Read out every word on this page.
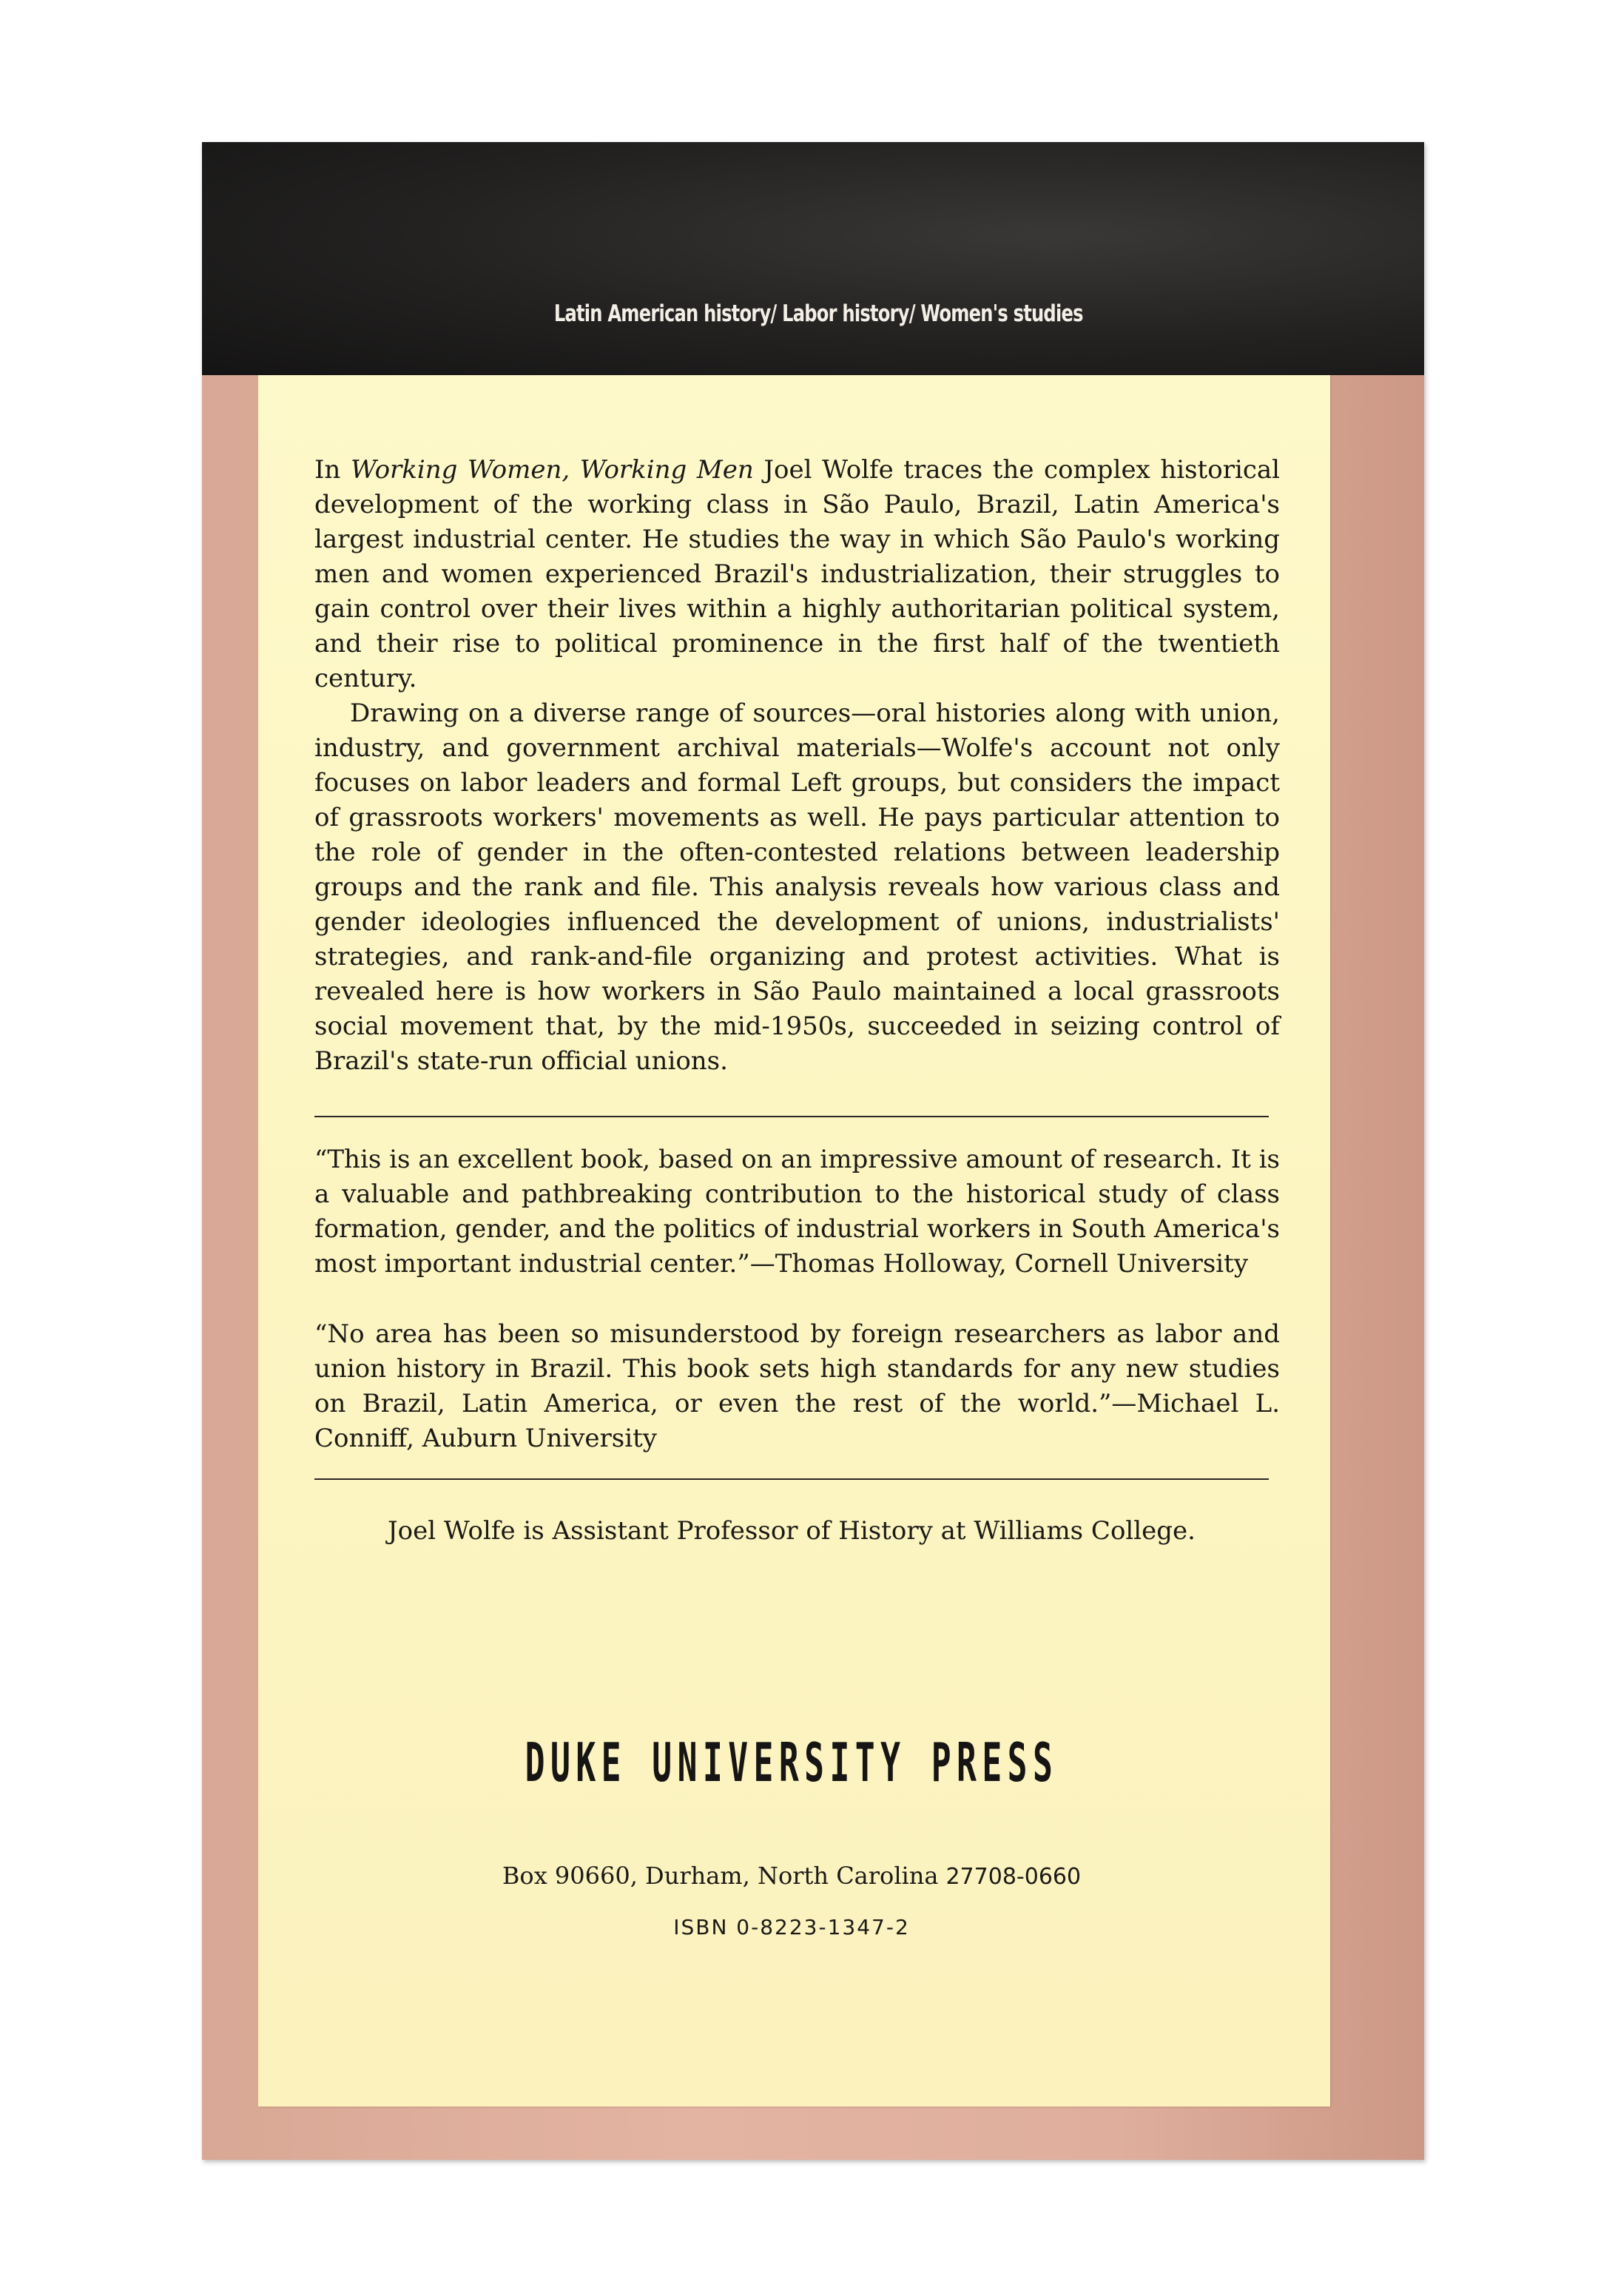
Latin American history/ Labor history/ Women's studies

In Working Women, Working Men Joel Wolfe traces the complex historical development of the working class in São Paulo, Brazil, Latin America's largest industrial center. He studies the way in which São Paulo's working men and women experienced Brazil's industrialization, their struggles to gain control over their lives within a highly authoritarian political system, and their rise to political prominence in the first half of the twentieth century.

Drawing on a diverse range of sources—oral histories along with union, industry, and government archival materials—Wolfe's account not only focuses on labor leaders and formal Left groups, but considers the impact of grassroots workers' movements as well. He pays particular attention to the role of gender in the often-contested relations between leadership groups and the rank and file. This analysis reveals how various class and gender ideologies influenced the development of unions, industrialists' strategies, and rank-and-file organizing and protest activities. What is revealed here is how workers in São Paulo maintained a local grassroots social movement that, by the mid-1950s, succeeded in seizing control of Brazil's state-run official unions.

“This is an excellent book, based on an impressive amount of research. It is a valuable and pathbreaking contribution to the historical study of class formation, gender, and the politics of industrial workers in South America's most important industrial center.”—Thomas Holloway, Cornell University

“No area has been so misunderstood by foreign researchers as labor and union history in Brazil. This book sets high standards for any new studies on Brazil, Latin America, or even the rest of the world.”—Michael L. Conniff, Auburn University

Joel Wolfe is Assistant Professor of History at Williams College.
DUKE UNIVERSITY PRESS
Box 90660, Durham, North Carolina 27708-0660
ISBN 0-8223-1347-2
